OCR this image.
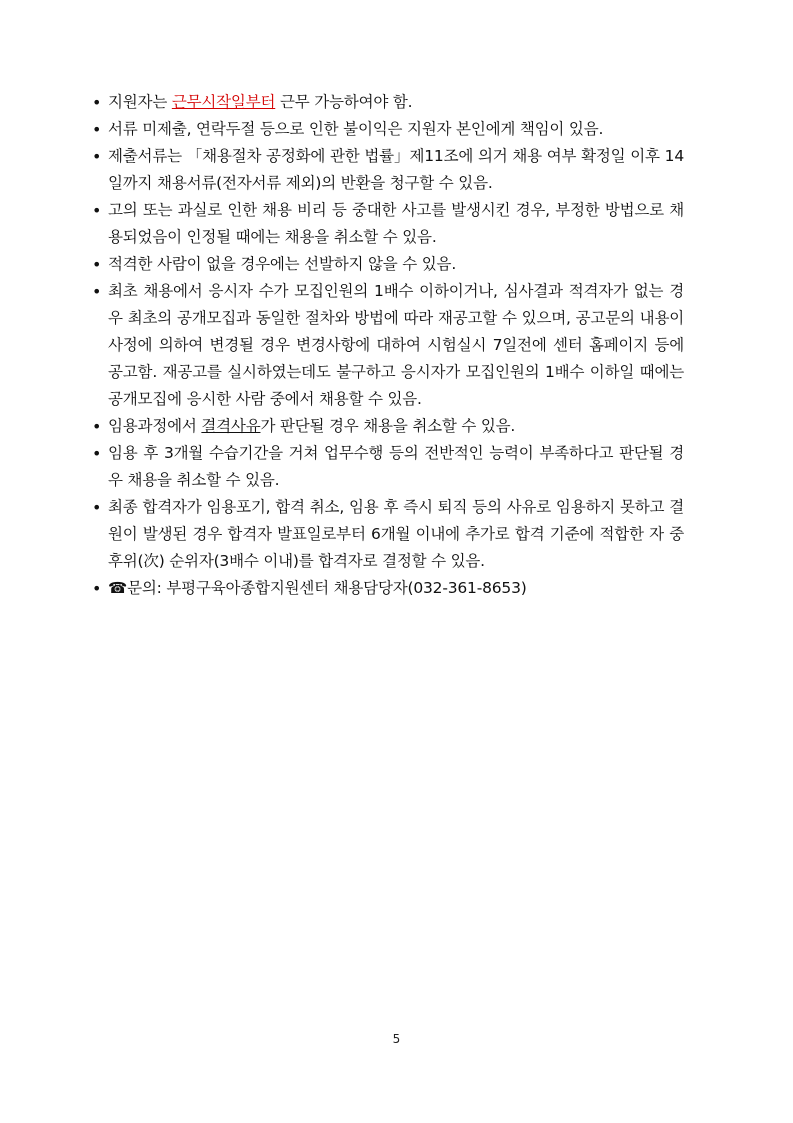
• 지원자는 근무시작일부터 근무 가능하여야 함.
• 서류 미제출, 연락두절 등으로 인한 불이익은 지원자 본인에게 책임이 있음.
• 제출서류는 「채용절차 공정화에 관한 법률」제11조에 의거 채용 여부 확정일 이후 14일까지 채용서류(전자서류 제외)의 반환을 청구할 수 있음.
• 고의 또는 과실로 인한 채용 비리 등 중대한 사고를 발생시킨 경우, 부정한 방법으로 채용되었음이 인정될 때에는 채용을 취소할 수 있음.
• 적격한 사람이 없을 경우에는 선발하지 않을 수 있음.
• 최초 채용에서 응시자 수가 모집인원의 1배수 이하이거나, 심사결과 적격자가 없는 경우 최초의 공개모집과 동일한 절차와 방법에 따라 재공고할 수 있으며, 공고문의 내용이 사정에 의하여 변경될 경우 변경사항에 대하여 시험실시 7일전에 센터 홈페이지 등에 공고함. 재공고를 실시하였는데도 불구하고 응시자가 모집인원의 1배수 이하일 때에는 공개모집에 응시한 사람 중에서 채용할 수 있음.
• 임용과정에서 결격사유가 판단될 경우 채용을 취소할 수 있음.
• 임용 후 3개월 수습기간을 거쳐 업무수행 등의 전반적인 능력이 부족하다고 판단될 경우 채용을 취소할 수 있음.
• 최종 합격자가 임용포기, 합격 취소, 임용 후 즉시 퇴직 등의 사유로 임용하지 못하고 결원이 발생된 경우 합격자 발표일로부터 6개월 이내에 추가로 합격 기준에 적합한 자 중 후위(次) 순위자(3배수 이내)를 합격자로 결정할 수 있음.
• ☎문의: 부평구육아종합지원센터 채용담당자(032-361-8653)
5
